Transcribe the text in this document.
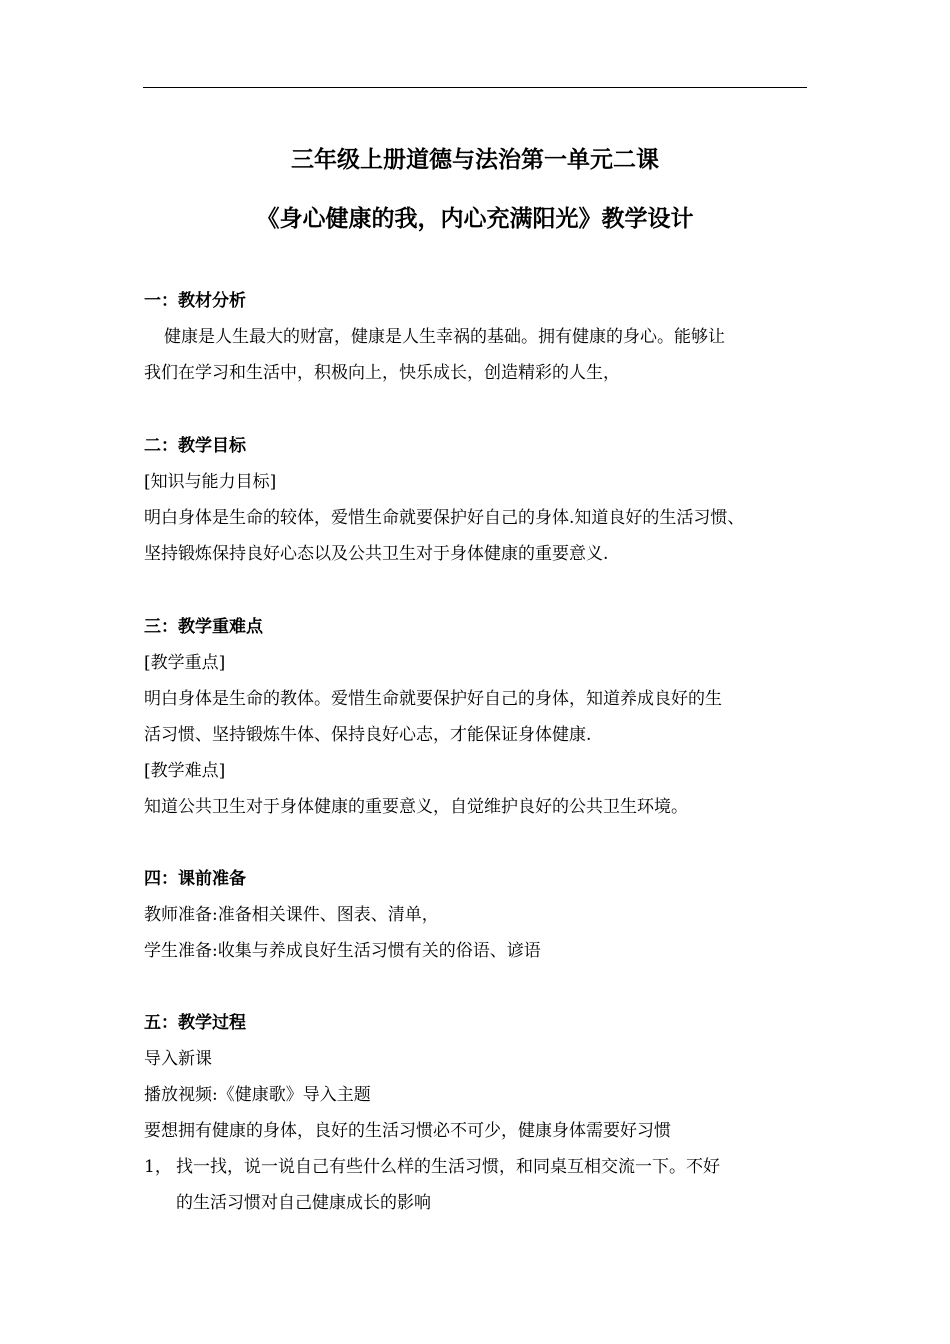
三年级上册道德与法治第一单元二课
《身心健康的我，内心充满阳光》教学设计
一：教材分析
健康是人生最大的财富，健康是人生幸祸的基础。拥有健康的身心。能够让
我们在学习和生活中，积极向上，快乐成长，创造精彩的人生，
二：教学目标
[知识与能力目标]
明白身体是生命的较体，爱惜生命就要保护好自己的身体.知道良好的生活习惯、
坚持锻炼保持良好心态以及公共卫生对于身体健康的重要意义.
三：教学重难点
[教学重点]
明白身体是生命的教体。爱惜生命就要保护好自己的身体，知道养成良好的生
活习惯、坚持锻炼牛体、保持良好心志，才能保证身体健康.
[教学难点]
知道公共卫生对于身体健康的重要意义，自觉维护良好的公共卫生环境。
四：课前准备
教师准备:准备相关课件、图表、清单，
学生准备:收集与养成良好生活习惯有关的俗语、谚语
五：教学过程
导入新课
播放视频:《健康歌》导入主题
要想拥有健康的身体，良好的生活习惯必不可少，健康身体需要好习惯
1， 找一找，说一说自己有些什么样的生活习惯，和同桌互相交流一下。不好
的生活习惯对自己健康成长的影响
